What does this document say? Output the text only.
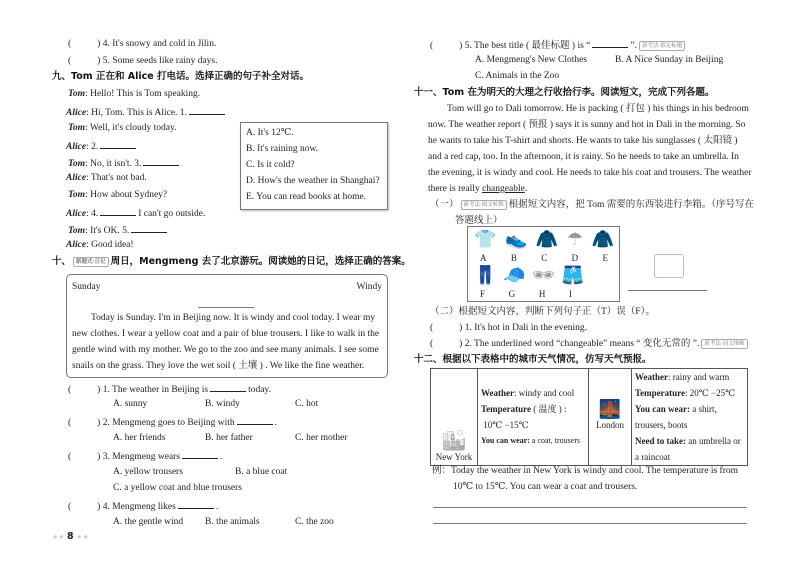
(	) 4. It's snowy and cold in Jilin.
(	) 5. Some seeds like rainy days.
九、Tom 正在和 Alice 打电话。选择正确的句子补全对话。
Tom: Hello! This is Tom speaking.
Alice: Hi, Tom. This is Alice. 1.
Tom: Well, it's cloudy today.
Alice: 2.
Tom: No, it isn't. 3.
Alice: That's not bad.
Tom: How about Sydney?
Alice: 4.	I can't go outside.
Tom: It's OK. 5.
Alice: Good idea!
A. It's 12℃.
B. It's raining now.
C. Is it cold?
D. How's the weather in Shanghai?
E. You can read books at home.
十、 新题式·日记 周日，Mengmeng 去了北京游玩。阅读她的日记，选择正确的答案。
Sunday	Windy
Today is Sunday. I'm in Beijing now. It is windy and cool today. I wear my
new clothes. I wear a yellow coat and a pair of blue trousers. I like to walk in the
gentle wind with my mother. We go to the zoo and see many animals. I see some
snails on the grass. They love the wet soil ( 土壤 ) . We like the fine weather.
(	) 1. The weather in Beijing is	today.
A. sunny	B. windy	C. hot
(	) 2. Mengmeng goes to Beijing with	.
A. her friends	B. her father	C. her mother
(	) 3. Mengmeng wears	.
A. yellow trousers	B. a blue coat
C. a yellow coat and blue trousers
(	) 4. Mengmeng likes	.
A. the gentle wind B. the animals	C. the zoo
★★ 8 ★★
(	) 5. The best title ( 最佳标题 ) is “	”. 新考法·拟定标题
A. Mengmeng's New Clothes	B. A Nice Sunday in Beijing
C. Animals in the Zoo
十一、Tom 在为明天的大理之行收拾行李。阅读短文，完成下列各题。
Tom will go to Dali tomorrow. He is packing ( 打包 ) his things in his bedroom
now. The weather report ( 预报 ) says it is sunny and hot in Dali in the morning. So
he wants to take his T-shirt and shorts. He wants to take his sunglasses ( 太阳镜 )
and a red cap, too. In the afternoon, it is rainy. So he needs to take an umbrella. In
the evening, it is windy and cool. He needs to take his coat and trousers. The weather
there is really changeable.
（一） 新考法·图文转换 根据短文内容，把 Tom 需要的东西装进行李箱。（序号写在
答题线上）
👕 👟 🧥 ☂ 🧥
A	B	C	D	E
👖 🧢 🕶 🩳
F	G	H	I
（二）根据短文内容，判断下列句子正（T）误（F）。
(	) 1. It's hot in Dali in the evening.
(	) 2. The underlined word “changeable” means “ 变化无常的 ”. 新考法·词义推断
十二、根据以下表格中的城市天气情况，仿写天气预报。
🏙
New York	
Weather: windy and cool
Temperature ( 温度 ) :
10℃ −15℃
You can wear: a coat, trousers

🌉
London	
Weather: rainy and warm
Temperature: 20℃ −25℃
You can wear: a shirt, trousers, boots
Need to take: an umbrella or a raincoat
例：Today the weather in New York is windy and cool. The temperature is from
10℃ to 15℃. You can wear a coat and trousers.
